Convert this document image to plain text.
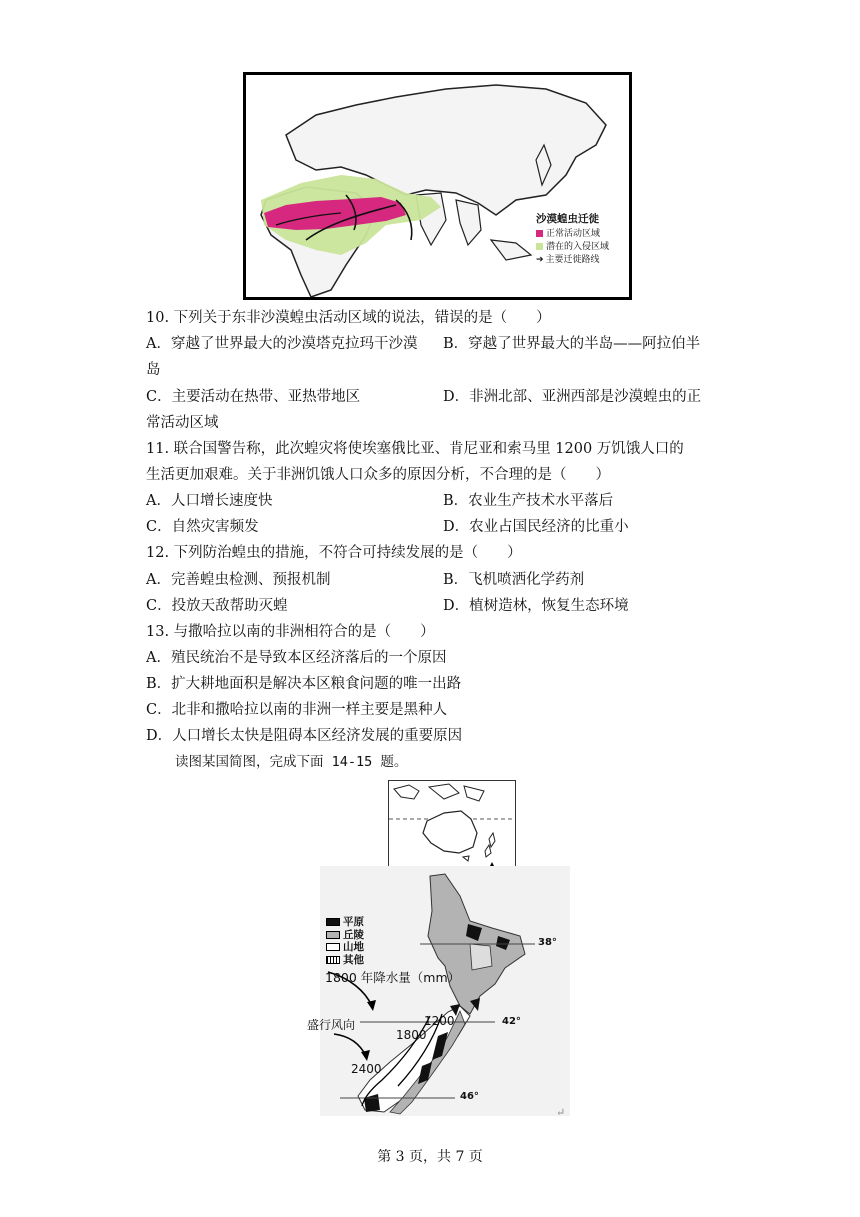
沙漠蝗虫迁徙
正常活动区域
潜在的入侵区域
➔ 主要迁徙路线
10. 下列关于东非沙漠蝗虫活动区域的说法，错误的是（　　）
A．穿越了世界最大的沙漠塔克拉玛干沙漠 B．穿越了世界最大的半岛——阿拉伯半
岛
C．主要活动在热带、亚热带地区	D．非洲北部、亚洲西部是沙漠蝗虫的正
常活动区域
11. 联合国警告称，此次蝗灾将使埃塞俄比亚、肯尼亚和索马里 1200 万饥饿人口的
生活更加艰难。关于非洲饥饿人口众多的原因分析，不合理的是（　　）
A．人口增长速度快	B．农业生产技术水平落后
C．自然灾害频发	D．农业占国民经济的比重小
12. 下列防治蝗虫的措施，不符合可持续发展的是（　　）
A．完善蝗虫检测、预报机制	B．飞机喷洒化学药剂
C．投放天敌帮助灭蝗	D．植树造林，恢复生态环境
13. 与撒哈拉以南的非洲相符合的是（　　）
A．殖民统治不是导致本区经济落后的一个原因
B．扩大耕地面积是解决本区粮食问题的唯一出路
C．北非和撒哈拉以南的非洲一样主要是黑种人
D．人口增长太快是阻碍本区经济发展的重要原因
读图某国简图，完成下面 14-15 题。
平原
丘陵
山地
其他
1800 年降水量（mm）
盛行风向	1200
1800
2400
38°
42°
46°
↵
第 3 页，共 7 页
